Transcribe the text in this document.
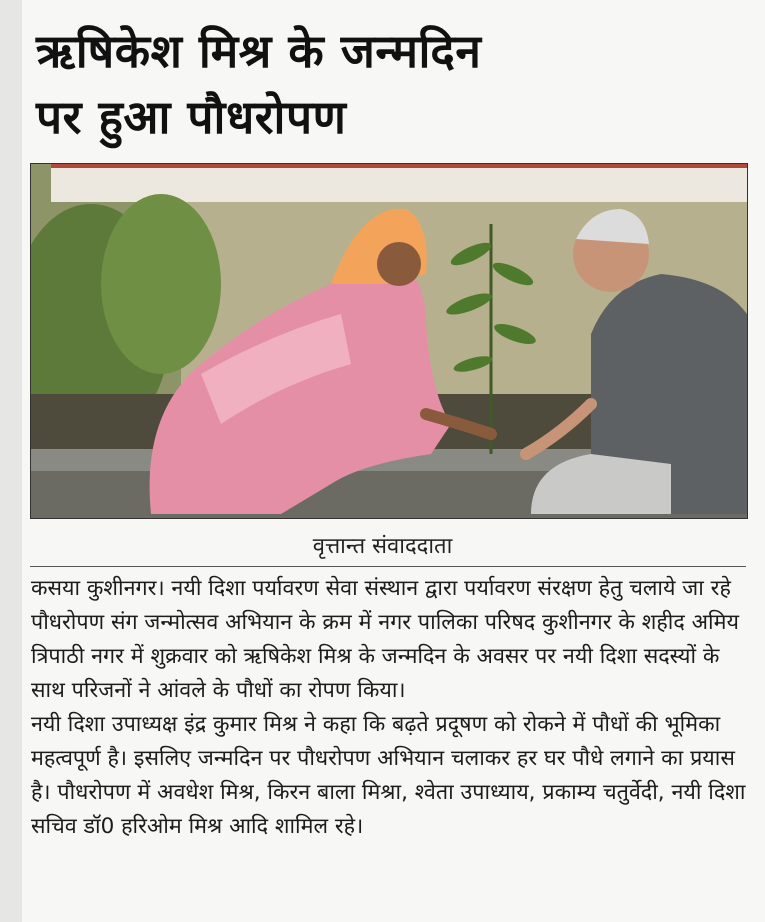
ऋषिकेश मिश्र के जन्मदिन
पर हुआ पौधरोपण
वृत्तान्त संवाददाता

कसया कुशीनगर। नयी दिशा पर्यावरण सेवा संस्थान द्वारा पर्यावरण संरक्षण हेतु चलाये जा रहे पौधरोपण संग जन्मोत्सव अभियान के क्रम में नगर पालिका परिषद कुशीनगर के शहीद अमिय त्रिपाठी नगर में शुक्रवार को ऋषिकेश मिश्र के जन्मदिन के अवसर पर नयी दिशा सदस्यों के साथ परिजनों ने आंवले के पौधों का रोपण किया।

नयी दिशा उपाध्यक्ष इंद्र कुमार मिश्र ने कहा कि बढ़ते प्रदूषण को रोकने में पौधों की भूमिका महत्वपूर्ण है। इसलिए जन्मदिन पर पौधरोपण अभियान चलाकर हर घर पौधे लगाने का प्रयास है। पौधरोपण में अवधेश मिश्र, किरन बाला मिश्रा, श्वेता उपाध्याय, प्रकाम्य चतुर्वेदी, नयी दिशा सचिव डॉ0 हरिओम मिश्र आदि शामिल रहे।
